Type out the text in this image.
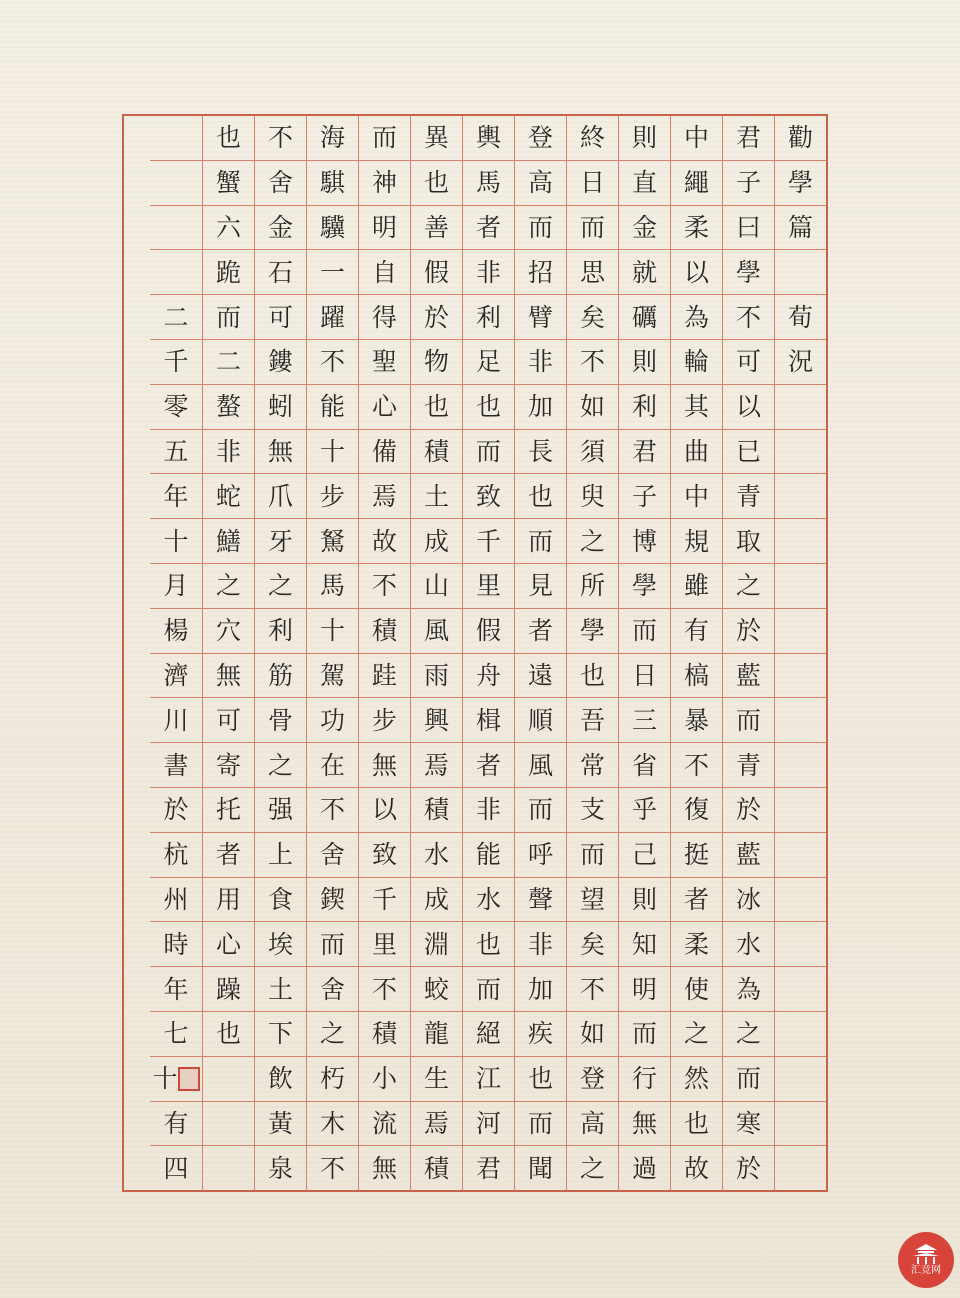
勸
學
篇
荀
況
君
子
曰
學
不
可
以
已
青
取
之
於
藍
而
青
於
藍
冰
水
為
之
而
寒
於
中
繩
柔
以
為
輪
其
曲
中
規
雖
有
槁
暴
不
復
挺
者
柔
使
之
然
也
故
則
直
金
就
礪
則
利
君
子
博
學
而
日
三
省
乎
己
則
知
明
而
行
無
過
終
日
而
思
矣
不
如
須
臾
之
所
學
也
吾
常
支
而
望
矣
不
如
登
高
之
登
高
而
招
臂
非
加
長
也
而
見
者
遠
順
風
而
呼
聲
非
加
疾
也
而
聞
輿
馬
者
非
利
足
也
而
致
千
里
假
舟
楫
者
非
能
水
也
而
絕
江
河
君
異
也
善
假
於
物
也
積
土
成
山
風
雨
興
焉
積
水
成
淵
蛟
龍
生
焉
積
而
神
明
自
得
聖
心
備
焉
故
不
積
跬
步
無
以
致
千
里
不
積
小
流
無
海
騏
驥
一
躍
不
能
十
步
駑
馬
十
駕
功
在
不
舍
鍥
而
舍
之
朽
木
不
不
舍
金
石
可
鏤
蚓
無
爪
牙
之
利
筋
骨
之
强
上
食
埃
土
下
飲
黃
泉
也
蟹
六
跪
而
二
螯
非
蛇
鱔
之
穴
無
可
寄
托
者
用
心
躁
也
二
千
零
五
年
十
月
楊
濟
川
書
於
杭
州
時
年
七
十
有
四
汇竞网
